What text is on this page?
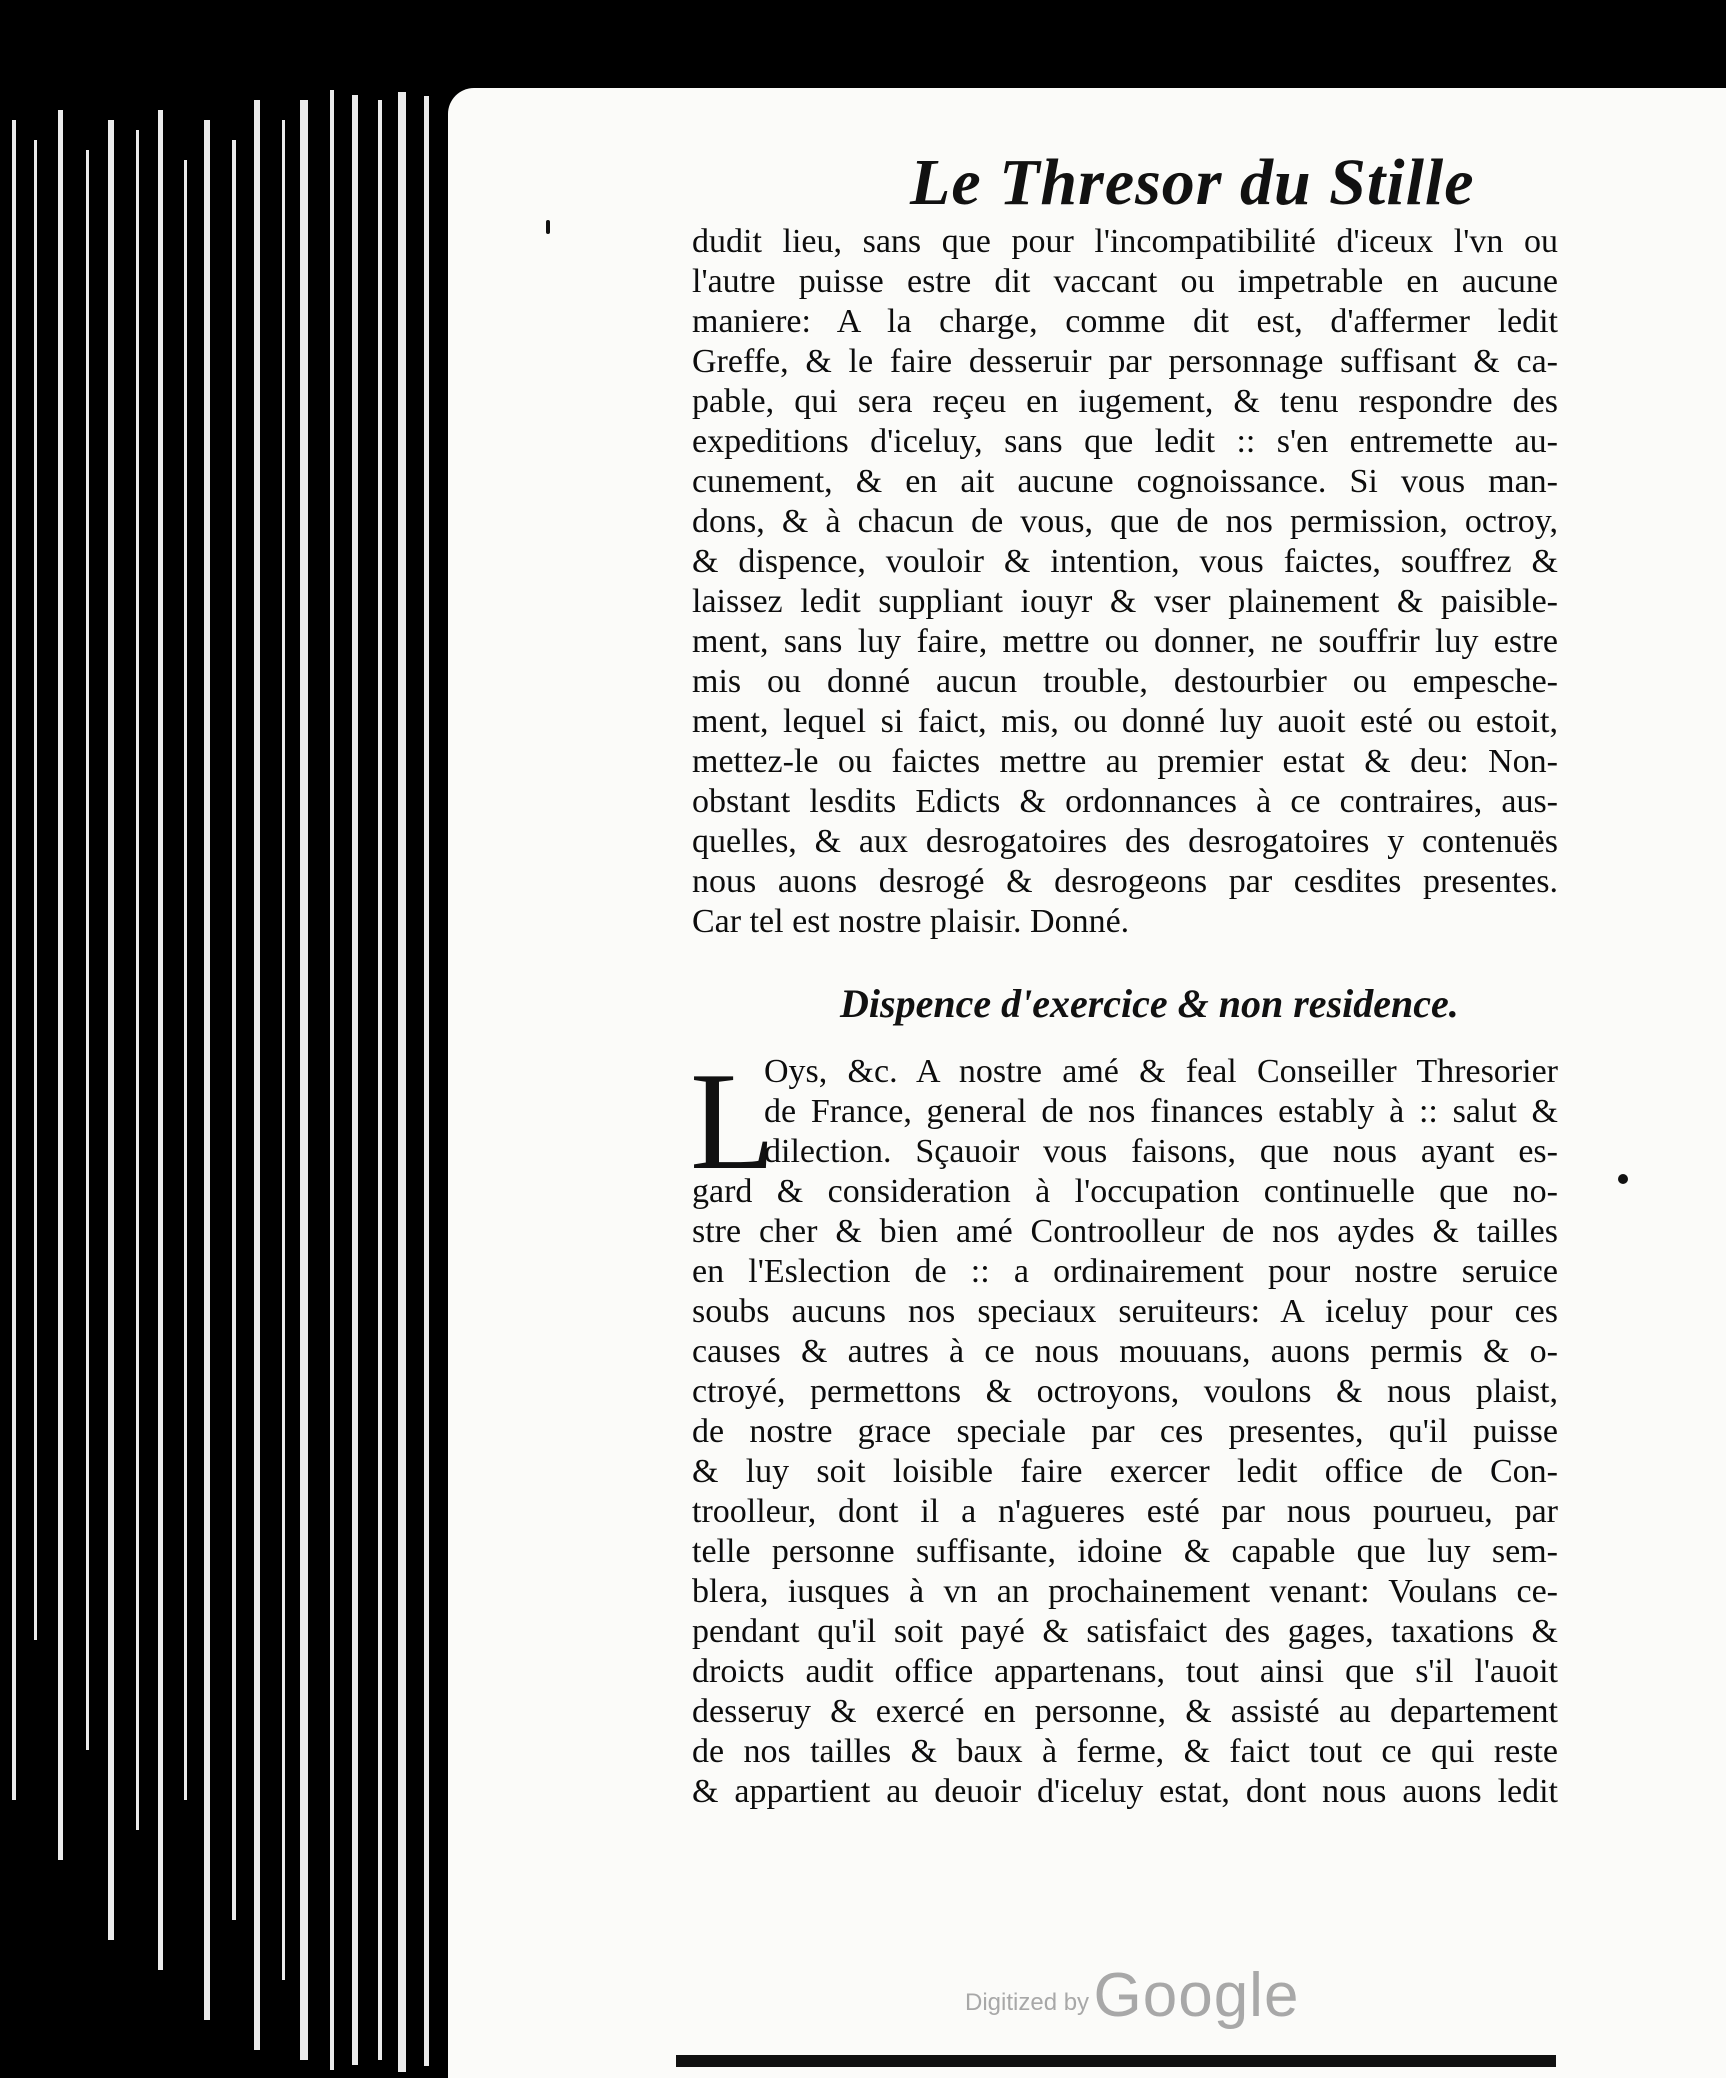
Le Thresor du Stille
dudit lieu, sans que pour l'incompatibilité d'iceux l'vn ou
l'autre puisse estre dit vaccant ou impetrable en aucune
maniere: A la charge, comme dit est, d'affermer ledit
Greffe, & le faire desseruir par personnage suffisant & ca-
pable, qui sera reçeu en iugement, & tenu respondre des
expeditions d'iceluy, sans que ledit :: s'en entremette au-
cunement, & en ait aucune cognoissance. Si vous man-
dons, & à chacun de vous, que de nos permission, octroy,
& dispence, vouloir & intention, vous faictes, souffrez &
laissez ledit suppliant iouyr & vser plainement & paisible-
ment, sans luy faire, mettre ou donner, ne souffrir luy estre
mis ou donné aucun trouble, destourbier ou empesche-
ment, lequel si faict, mis, ou donné luy auoit esté ou estoit,
mettez-le ou faictes mettre au premier estat & deu: Non-
obstant lesdits Edicts & ordonnances à ce contraires, aus-
quelles, & aux desrogatoires des desrogatoires y contenuës
nous auons desrogé & desrogeons par cesdites presentes.
Car tel est nostre plaisir. Donné.
Dispence d'exercice & non residence.
L
Oys, &c. A nostre amé & feal Conseiller Thresorier
de France, general de nos finances estably à :: salut &
dilection. Sçauoir vous faisons, que nous ayant es-
gard & consideration à l'occupation continuelle que no-
stre cher & bien amé Controolleur de nos aydes & tailles
en l'Eslection de :: a ordinairement pour nostre seruice
soubs aucuns nos speciaux seruiteurs: A iceluy pour ces
causes & autres à ce nous mouuans, auons permis & o-
ctroyé, permettons & octroyons, voulons & nous plaist,
de nostre grace speciale par ces presentes, qu'il puisse
& luy soit loisible faire exercer ledit office de Con-
troolleur, dont il a n'agueres esté par nous pourueu, par
telle personne suffisante, idoine & capable que luy sem-
blera, iusques à vn an prochainement venant: Voulans ce-
pendant qu'il soit payé & satisfaict des gages, taxations &
droicts audit office appartenans, tout ainsi que s'il l'auoit
desseruy & exercé en personne, & assisté au departement
de nos tailles & baux à ferme, & faict tout ce qui reste
& appartient au deuoir d'iceluy estat, dont nous auons ledit
Digitized by Google
